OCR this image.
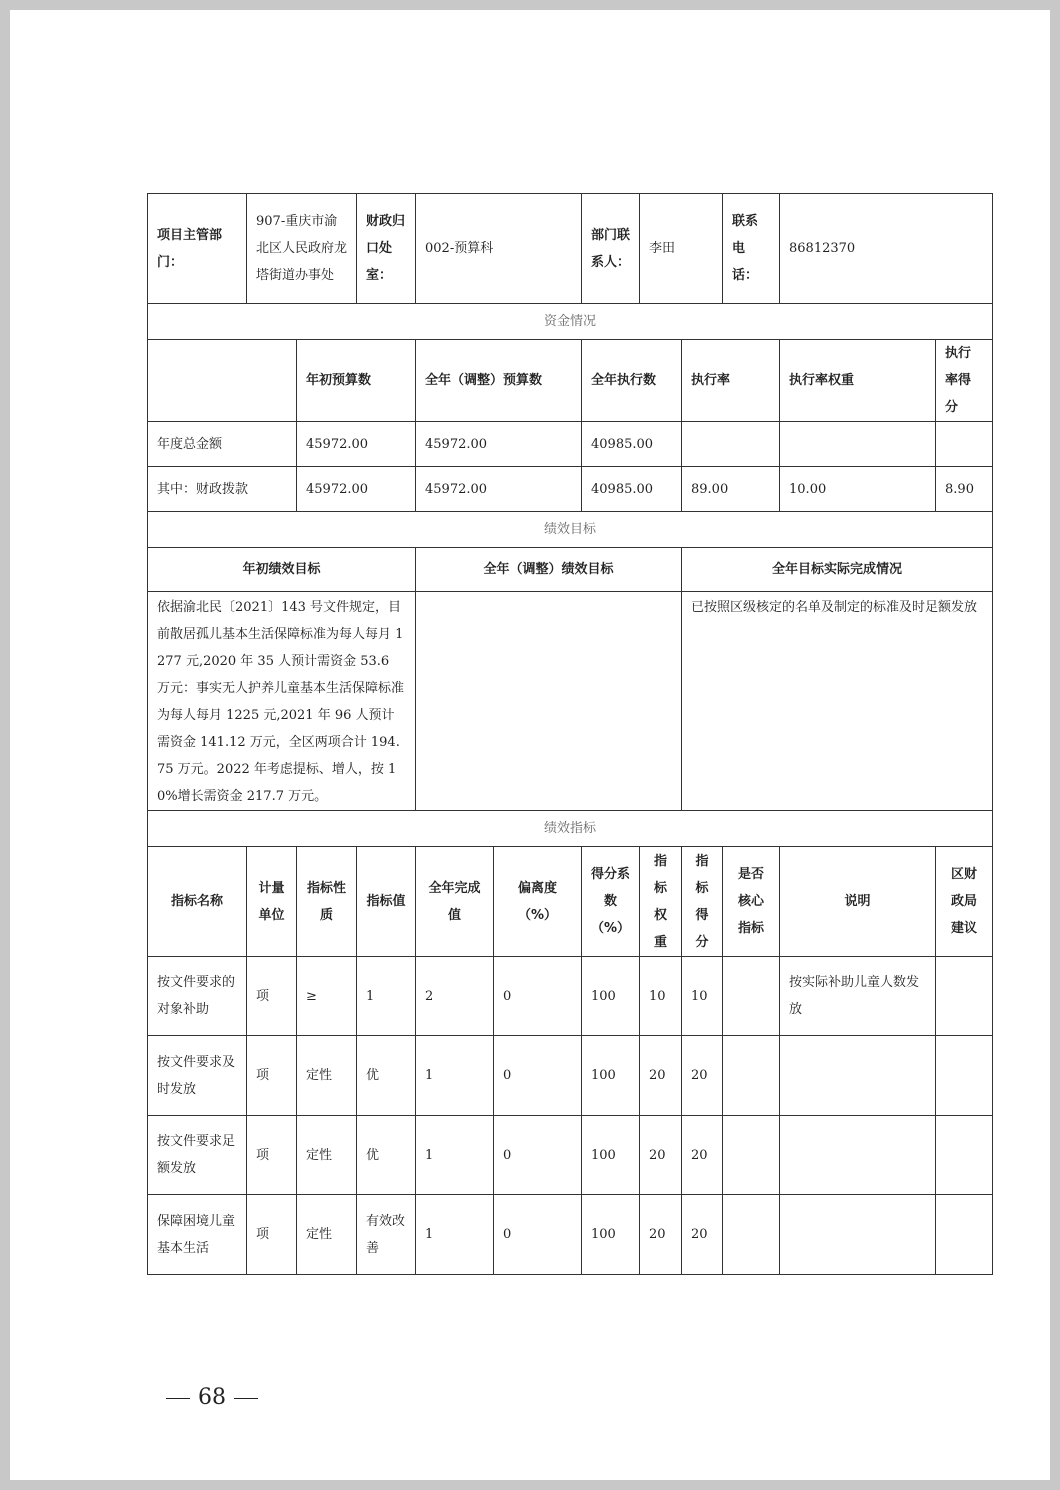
项目主管部门：	907-重庆市渝北区人民政府龙塔街道办事处		财政归口处室：	002-预算科		部门联系人：	李田		联系电话：	86812370	
资金情况											
		年初预算数		全年（调整）预算数		全年执行数		执行率		执行率权重	执行率得分
年度总金额		45972.00		45972.00		40985.00					
其中：财政拨款		45972.00		45972.00		40985.00		89.00		10.00	8.90
绩效目标											
年初绩效目标				全年（调整）绩效目标				全年目标实际完成情况			
依据渝北民〔2021〕143 号文件规定，目前散居孤儿基本生活保障标准为每人每月 1277 元,2020 年 35 人预计需资金 53.6 万元：事实无人护养儿童基本生活保障标准为每人每月 1225 元,2021 年 96 人预计需资金 141.12 万元，全区两项合计 194.75 万元。2022 年考虑提标、增人，按 10%增长需资金 217.7 万元。								已按照区级核定的名单及制定的标准及时足额发放			
绩效指标											
指标名称	计量单位	指标性质	指标值	全年完成值	偏离度（%）	得分系数（%）	指标权重	指标得分	是否核心指标	说明	区财政局建议
按文件要求的对象补助	项	≥	1	2	0	100	10	10		按实际补助儿童人数发放	
按文件要求及时发放	项	定性	优	1	0	100	20	20			
按文件要求足额发放	项	定性	优	1	0	100	20	20			
保障困境儿童基本生活	项	定性	有效改善	1	0	100	20	20			
68
